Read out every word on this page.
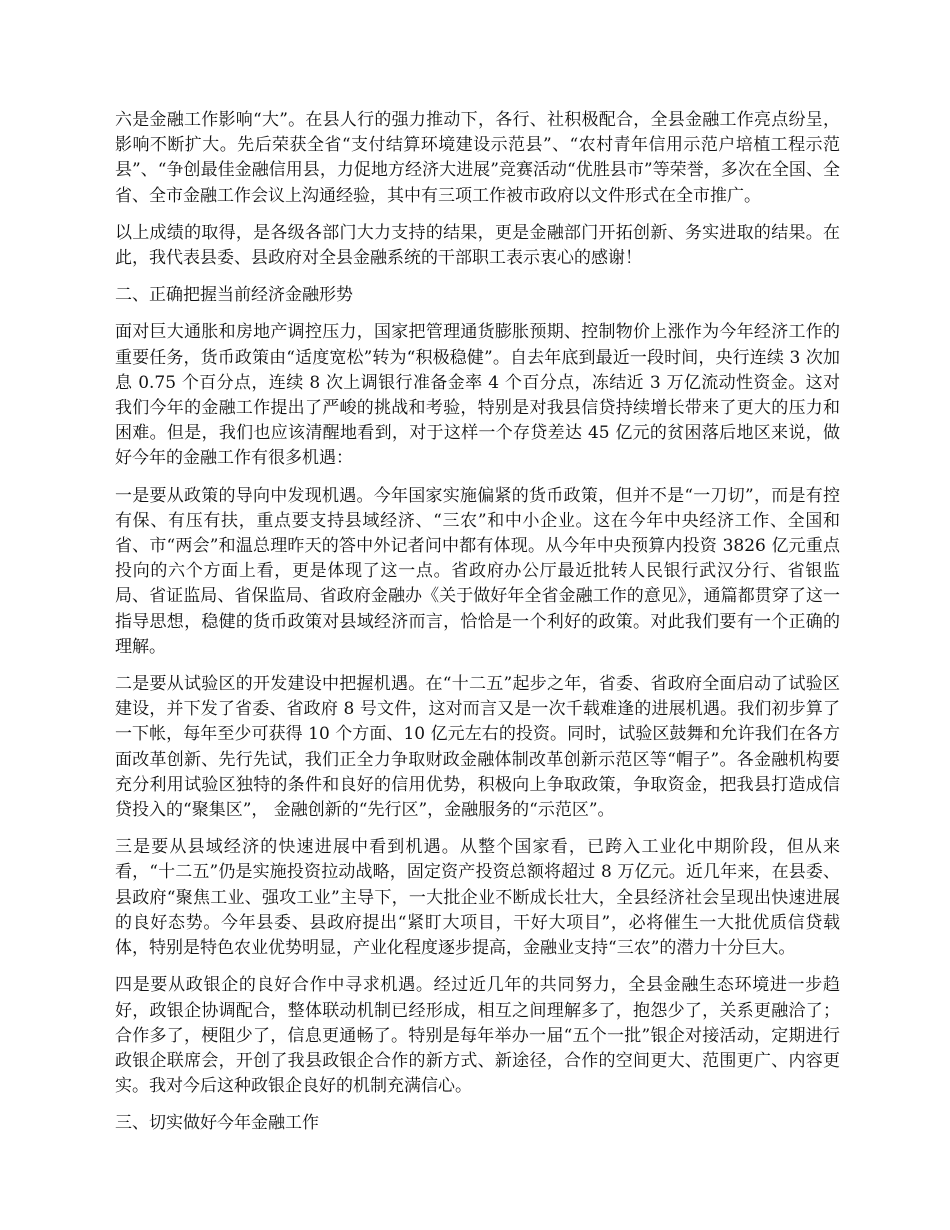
六是金融工作影响“大”。在县人行的强力推动下，各行、社积极配合，全县金融工作亮点纷呈，影响不断扩大。先后荣获全省“支付结算环境建设示范县”、“农村青年信用示范户培植工程示范县”、“争创最佳金融信用县，力促地方经济大进展”竞赛活动“优胜县市”等荣誉，多次在全国、全省、全市金融工作会议上沟通经验，其中有三项工作被市政府以文件形式在全市推广。

以上成绩的取得，是各级各部门大力支持的结果，更是金融部门开拓创新、务实进取的结果。在此，我代表县委、县政府对全县金融系统的干部职工表示衷心的感谢！

二、正确把握当前经济金融形势

面对巨大通胀和房地产调控压力，国家把管理通货膨胀预期、控制物价上涨作为今年经济工作的重要任务，货币政策由“适度宽松”转为“积极稳健”。自去年底到最近一段时间，央行连续 3 次加息 0.75 个百分点，连续 8 次上调银行准备金率 4 个百分点，冻结近 3 万亿流动性资金。这对我们今年的金融工作提出了严峻的挑战和考验，特别是对我县信贷持续增长带来了更大的压力和困难。但是，我们也应该清醒地看到，对于这样一个存贷差达 45 亿元的贫困落后地区来说，做好今年的金融工作有很多机遇：

一是要从政策的导向中发现机遇。今年国家实施偏紧的货币政策，但并不是“一刀切”，而是有控有保、有压有扶，重点要支持县域经济、“三农”和中小企业。这在今年中央经济工作、全国和省、市“两会”和温总理昨天的答中外记者问中都有体现。从今年中央预算内投资 3826 亿元重点投向的六个方面上看，更是体现了这一点。省政府办公厅最近批转人民银行武汉分行、省银监局、省证监局、省保监局、省政府金融办《关于做好年全省金融工作的意见》，通篇都贯穿了这一指导思想，稳健的货币政策对县域经济而言，恰恰是一个利好的政策。对此我们要有一个正确的理解。

二是要从试验区的开发建设中把握机遇。在“十二五”起步之年，省委、省政府全面启动了试验区建设，并下发了省委、省政府 8 号文件，这对而言又是一次千载难逢的进展机遇。我们初步算了一下帐，每年至少可获得 10 个方面、10 亿元左右的投资。同时，试验区鼓舞和允许我们在各方面改革创新、先行先试，我们正全力争取财政金融体制改革创新示范区等“帽子”。各金融机构要充分利用试验区独特的条件和良好的信用优势，积极向上争取政策，争取资金，把我县打造成信贷投入的“聚集区”， 金融创新的“先行区”，金融服务的“示范区”。

三是要从县域经济的快速进展中看到机遇。从整个国家看，已跨入工业化中期阶段，但从来看，“十二五”仍是实施投资拉动战略，固定资产投资总额将超过 8 万亿元。近几年来，在县委、县政府“聚焦工业、强攻工业”主导下，一大批企业不断成长壮大，全县经济社会呈现出快速进展的良好态势。今年县委、县政府提出“紧盯大项目，干好大项目”，必将催生一大批优质信贷载体，特别是特色农业优势明显，产业化程度逐步提高，金融业支持“三农”的潜力十分巨大。

四是要从政银企的良好合作中寻求机遇。经过近几年的共同努力，全县金融生态环境进一步趋好，政银企协调配合，整体联动机制已经形成，相互之间理解多了，抱怨少了，关系更融洽了；合作多了，梗阻少了，信息更通畅了。特别是每年举办一届“五个一批”银企对接活动，定期进行政银企联席会，开创了我县政银企合作的新方式、新途径，合作的空间更大、范围更广、内容更实。我对今后这种政银企良好的机制充满信心。

三、切实做好今年金融工作
